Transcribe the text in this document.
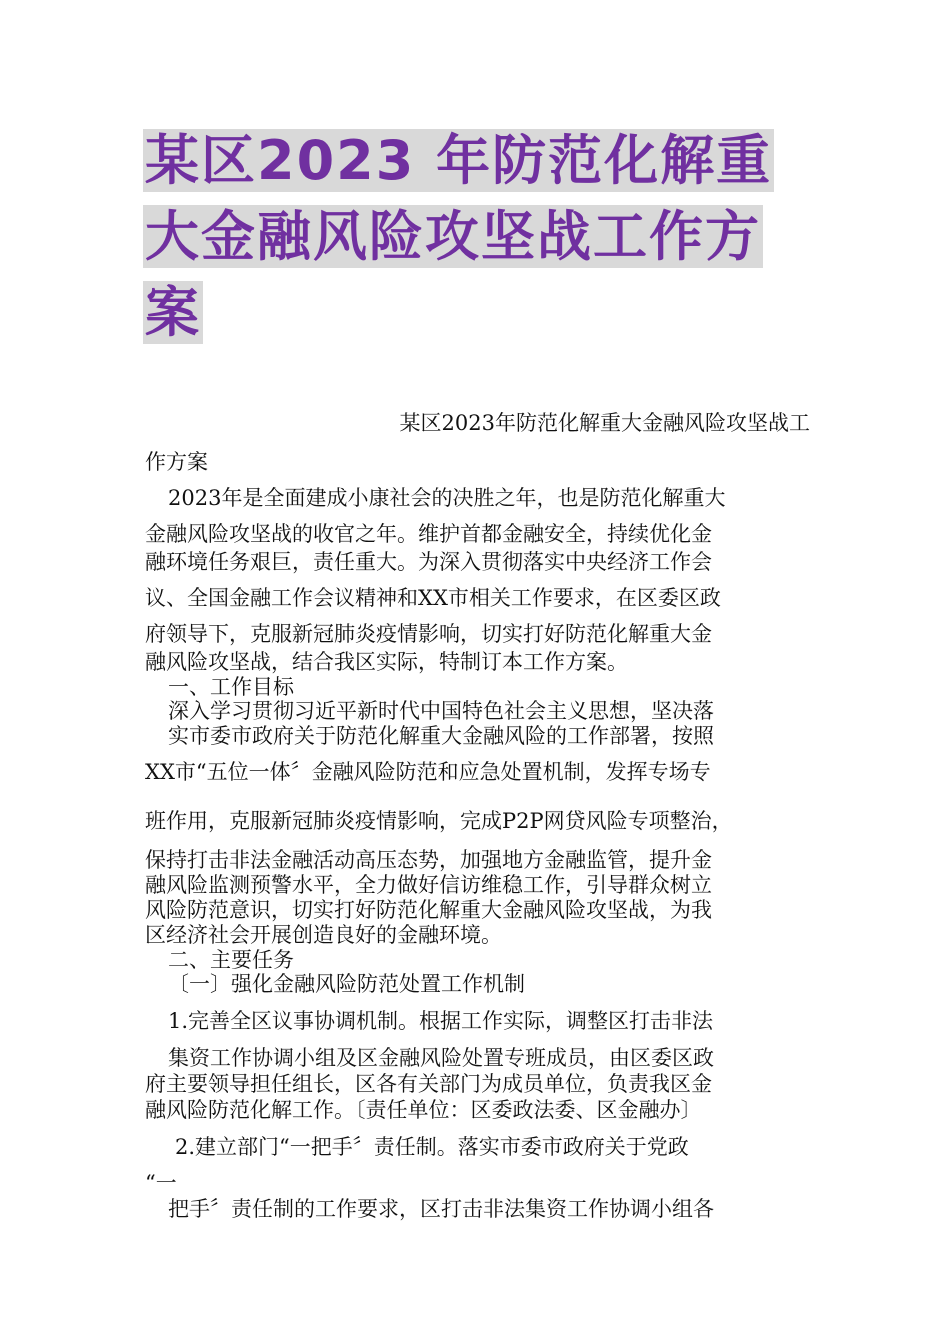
某区2023 年防范化解重
大金融风险攻坚战工作方
案
某区2023年防范化解重大金融风险攻坚战工
作方案
2023年是全面建成小康社会的决胜之年，也是防范化解重大
金融风险攻坚战的收官之年。维护首都金融安全，持续优化金
融环境任务艰巨，责任重大。为深入贯彻落实中央经济工作会
议、全国金融工作会议精神和XX市相关工作要求，在区委区政
府领导下，克服新冠肺炎疫情影响，切实打好防范化解重大金
融风险攻坚战，结合我区实际，特制订本工作方案。
一、工作目标
深入学习贯彻习近平新时代中国特色社会主义思想，坚决落
实市委市政府关于防范化解重大金融风险的工作部署，按照
XX市“五位一体〞金融风险防范和应急处置机制，发挥专场专
班作用，克服新冠肺炎疫情影响，完成P2P网贷风险专项整治，
保持打击非法金融活动高压态势，加强地方金融监管，提升金
融风险监测预警水平，全力做好信访维稳工作，引导群众树立
风险防范意识，切实打好防范化解重大金融风险攻坚战，为我
区经济社会开展创造良好的金融环境。
二、主要任务
〔一〕强化金融风险防范处置工作机制
1.完善全区议事协调机制。根据工作实际，调整区打击非法
集资工作协调小组及区金融风险处置专班成员，由区委区政
府主要领导担任组长，区各有关部门为成员单位，负责我区金
融风险防范化解工作。〔责任单位：区委政法委、区金融办〕
2.建立部门“一把手〞责任制。落实市委市政府关于党政
“一
把手〞责任制的工作要求，区打击非法集资工作协调小组各
